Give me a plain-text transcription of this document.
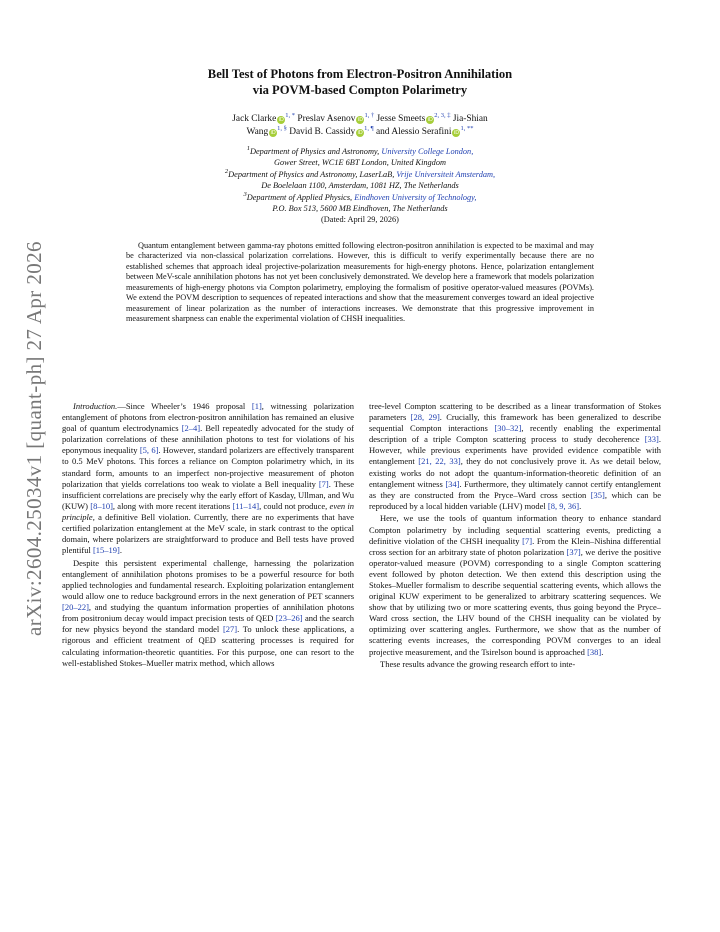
arXiv:2604.25034v1 [quant-ph] 27 Apr 2026
Bell Test of Photons from Electron-Positron Annihilation
via POVM-based Compton Polarimetry
Jack Clarke $iD^{1, *}$ Preslav Asenov $iD^{1, \dagger}$ Jesse Smeets $iD^{2, 3, \ddagger}$ Jia-Shian
Wang $iD^{1, \S}$ David B. Cassidy $iD^{1, \P}$ and Alessio Serafini $iD^{1, **}$
$^1$Department of Physics and Astronomy, University College London,
Gower Street, WC1E 6BT London, United Kingdom
$^2$Department of Physics and Astronomy, LaserLaB, Vrije Universiteit Amsterdam,
De Boelelaan 1100, Amsterdam, 1081 HZ, The Netherlands
$^3$Department of Applied Physics, Eindhoven University of Technology,
P.O. Box 513, 5600 MB Eindhoven, The Netherlands
(Dated: April 29, 2026)
Quantum entanglement between gamma-ray photons emitted following electron-positron annihilation is expected to be maximal and may be characterized via non-classical polarization correlations. However, this is difficult to verify experimentally because there are no established schemes that approach ideal projective-polarization measurements for high-energy photons. Hence, polarization entanglement between MeV-scale annihilation photons has not yet been conclusively demonstrated. We develop here a framework that models polarization measurements of high-energy photons via Compton polarimetry, employing the formalism of positive operator-valued measures (POVMs). We extend the POVM description to sequences of repeated interactions and show that the measurement converges toward an ideal projective measurement of linear polarization as the number of interactions increases. We demonstrate that this progressive improvement in measurement sharpness can enable the experimental violation of CHSH inequalities.

Introduction.—Since Wheeler’s 1946 proposal [1], witnessing polarization entanglement of photons from electron-positron annihilation has remained an elusive goal of quantum electrodynamics [2–4]. Bell repeatedly advocated for the study of polarization correlations of these annihilation photons to test for violations of his eponymous inequality [5, 6]. However, standard polarizers are effectively transparent to 0.5 MeV photons. This forces a reliance on Compton polarimetry which, in its standard form, amounts to an imperfect non-projective measurement of photon polarization that yields correlations too weak to violate a Bell inequality [7]. These insufficient correlations are precisely why the early effort of Kasday, Ullman, and Wu (KUW) [8–10], along with more recent iterations [11–14], could not produce, even in principle, a definitive Bell violation. Currently, there are no experiments that have certified polarization entanglement at the MeV scale, in stark contrast to the optical domain, where polarizers are straightforward to produce and Bell tests have proved plentiful [15–19].

Despite this persistent experimental challenge, harnessing the polarization entanglement of annihilation photons promises to be a powerful resource for both applied technologies and fundamental research. Exploiting polarization entanglement would allow one to reduce background errors in the next generation of PET scanners [20–22], and studying the quantum information properties of annihilation photons from positronium decay would impact precision tests of QED [23–26] and the search for new physics beyond the standard model [27]. To unlock these applications, a rigorous and efficient treatment of QED scattering processes is required for calculating information-theoretic quantities. For this purpose, one can resort to the well-established Stokes–Mueller matrix method, which allows

tree-level Compton scattering to be described as a linear transformation of Stokes parameters [28, 29]. Crucially, this framework has been generalized to describe sequential Compton interactions [30–32], recently enabling the experimental description of a triple Compton scattering process to study decoherence [33]. However, while previous experiments have provided evidence compatible with entanglement [21, 22, 33], they do not conclusively prove it. As we detail below, existing works do not adopt the quantum-information-theoretic definition of an entanglement witness [34]. Furthermore, they ultimately cannot certify entanglement as they are constructed from the Pryce–Ward cross section [35], which can be reproduced by a local hidden variable (LHV) model [8, 9, 36].

Here, we use the tools of quantum information theory to enhance standard Compton polarimetry by including sequential scattering events, predicting a definitive violation of the CHSH inequality [7]. From the Klein–Nishina differential cross section for an arbitrary state of photon polarization [37], we derive the positive operator-valued measure (POVM) corresponding to a single Compton scattering event followed by photon detection. We then extend this description using the Stokes–Mueller formalism to describe sequential scattering events, which allows the original KUW experiment to be generalized to arbitrary scattering sequences. We show that by utilizing two or more scattering events, thus going beyond the Pryce–Ward cross section, the LHV bound of the CHSH inequality can be violated by optimizing over scattering angles. Furthermore, we show that as the number of scattering events increases, the corresponding POVM converges to an ideal projective measurement, and the Tsirelson bound is approached [38].

These results advance the growing research effort to inte-
